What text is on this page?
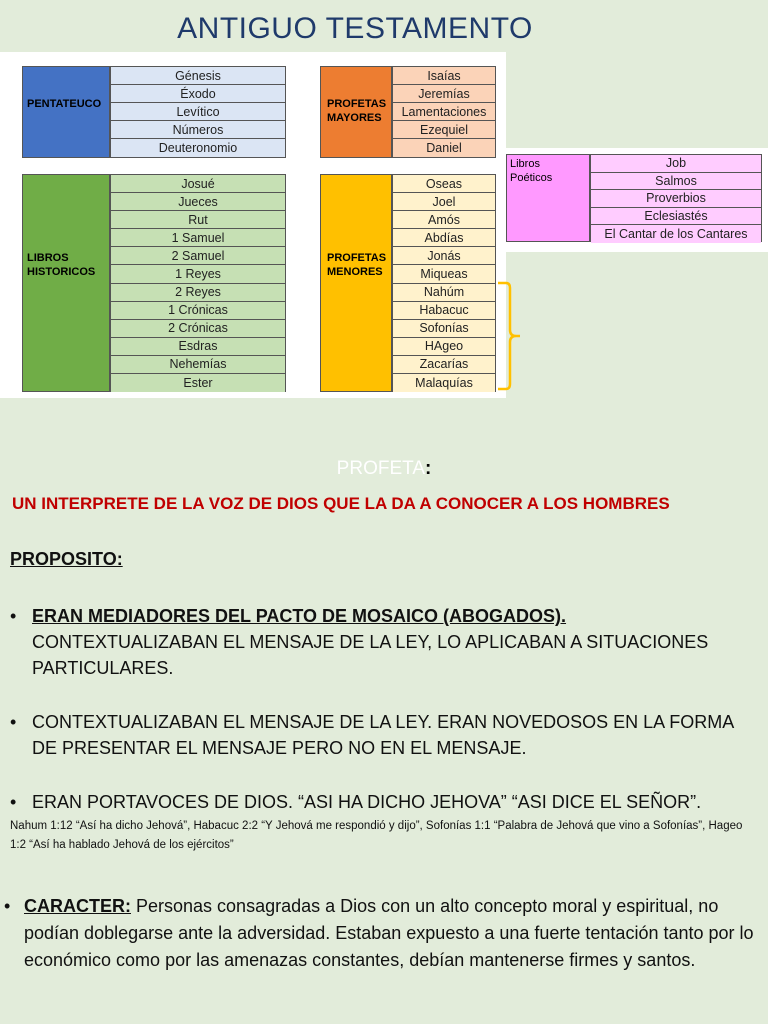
ANTIGUO TESTAMENTO
PENTATEUCO
Génesis
Éxodo
Levítico
Números
Deuteronomio
PROFETAS
MAYORES
Isaías
Jeremías
Lamentaciones
Ezequiel
Daniel
Libros
Poéticos
Job
Salmos
Proverbios
Eclesiastés
El Cantar de los Cantares
LIBROS
HISTORICOS
Josué
Jueces
Rut
1 Samuel
2 Samuel
1 Reyes
2 Reyes
1 Crónicas
2 Crónicas
Esdras
Nehemías
Ester
PROFETAS
MENORES
Oseas
Joel
Amós
Abdías
Jonás
Miqueas
Nahúm
Habacuc
Sofonías
HAgeo
Zacarías
Malaquías
PROFETA:
UN INTERPRETE DE LA VOZ DE DIOS QUE LA DA A CONOCER A LOS HOMBRES
PROPOSITO:
• ERAN MEDIADORES DEL PACTO DE MOSAICO (ABOGADOS).
CONTEXTUALIZABAN EL MENSAJE DE LA LEY, LO APLICABAN A SITUACIONES PARTICULARES.
• CONTEXTUALIZABAN EL MENSAJE DE LA LEY. ERAN NOVEDOSOS EN LA FORMA DE PRESENTAR EL MENSAJE PERO NO EN EL MENSAJE.
• ERAN PORTAVOCES DE DIOS. “ASI HA DICHO JEHOVA” “ASI DICE EL SEÑOR”.
Nahum 1:12 “Así ha dicho Jehová”, Habacuc 2:2 “Y Jehová me respondió y dijo”, Sofonías 1:1 “Palabra de Jehová que vino a Sofonías”, Hageo 1:2 “Así ha hablado Jehová de los ejércitos”
• CARACTER: Personas consagradas a Dios con un alto concepto moral y espiritual, no podían doblegarse ante la adversidad. Estaban expuesto a una fuerte tentación tanto por lo económico como por las amenazas constantes, debían mantenerse firmes y santos.
